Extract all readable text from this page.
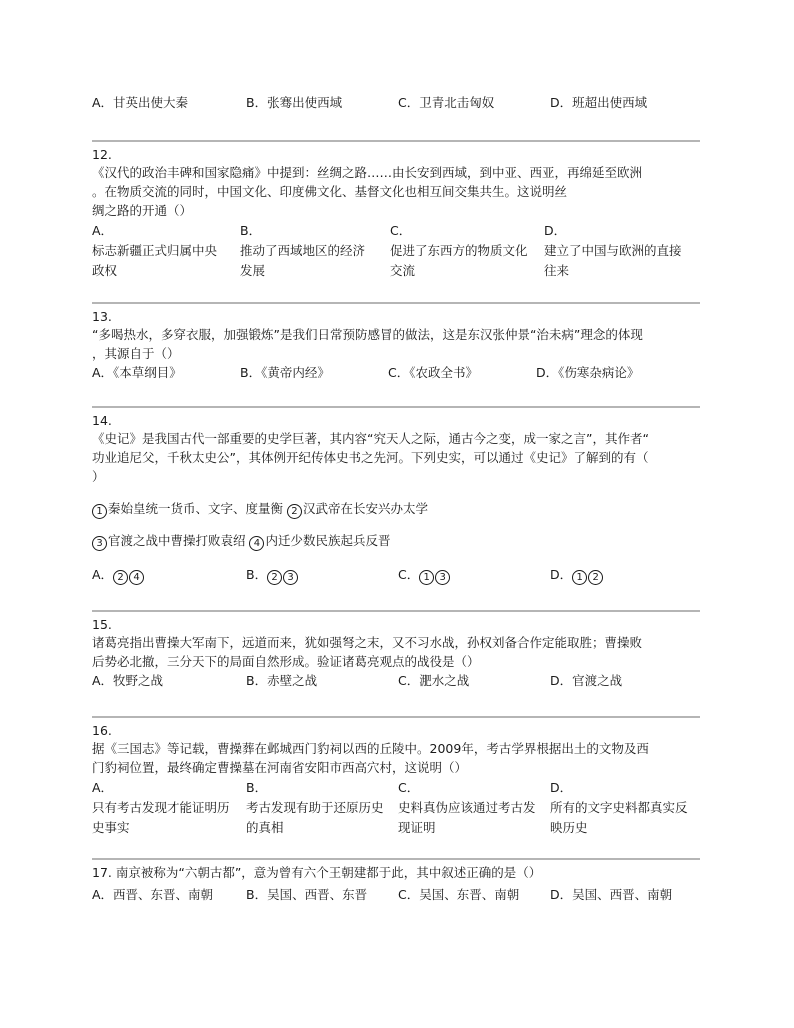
A．甘英出使大秦	B．张骞出使西域	C．卫青北击匈奴	D．班超出使西域
12.
《汉代的政治丰碑和国家隐痛》中提到：丝绸之路……由长安到西域，到中亚、西亚，再绵延至欧洲
。在物质交流的同时，中国文化、印度佛文化、基督文化也相互间交集共生。这说明丝
绸之路的开通（）
A．
标志新疆正式归属中央
政权
B．
推动了西域地区的经济
发展
C．
促进了东西方的物质文化
交流
D．
建立了中国与欧洲的直接
往来
13.
“多喝热水，多穿衣服，加强锻炼”是我们日常预防感冒的做法，这是东汉张仲景“治未病”理念的体现
，其源自于（）
A．《本草纲目》	B．《黄帝内经》	C．《农政全书》	D．《伤寒杂病论》
14.
《史记》是我国古代一部重要的史学巨著，其内容“究天人之际，通古今之变，成一家之言”，其作者“
功业追尼父，千秋太史公”，其体例开纪传体史书之先河。下列史实，可以通过《史记》了解到的有（
）
1 秦始皇统一货币、文字、度量衡 2 汉武帝在长安兴办太学
3 官渡之战中曹操打败袁绍 4 内迁少数民族起兵反晋
A． 2 4	B． 2 3	C． 1 3	D． 1 2
15.
诸葛亮指出曹操大军南下，远道而来，犹如强弩之末，又不习水战，孙权刘备合作定能取胜；曹操败
后势必北撤，三分天下的局面自然形成。验证诸葛亮观点的战役是（）
A．牧野之战	B．赤壁之战	C．淝水之战	D．官渡之战
16.
据《三国志》等记载，曹操葬在邺城西门豹祠以西的丘陵中。2009年，考古学界根据出土的文物及西
门豹祠位置，最终确定曹操墓在河南省安阳市西高穴村，这说明（）
A．
只有考古发现才能证明历
史事实
B．
考古发现有助于还原历史
的真相
C．
史料真伪应该通过考古发
现证明
D．
所有的文字史料都真实反
映历史
17. 南京被称为“六朝古都”，意为曾有六个王朝建都于此，其中叙述正确的是（）
A．西晋、东晋、南朝	B．吴国、西晋、东晋 C．吴国、东晋、南朝 D．吴国、西晋、南朝
